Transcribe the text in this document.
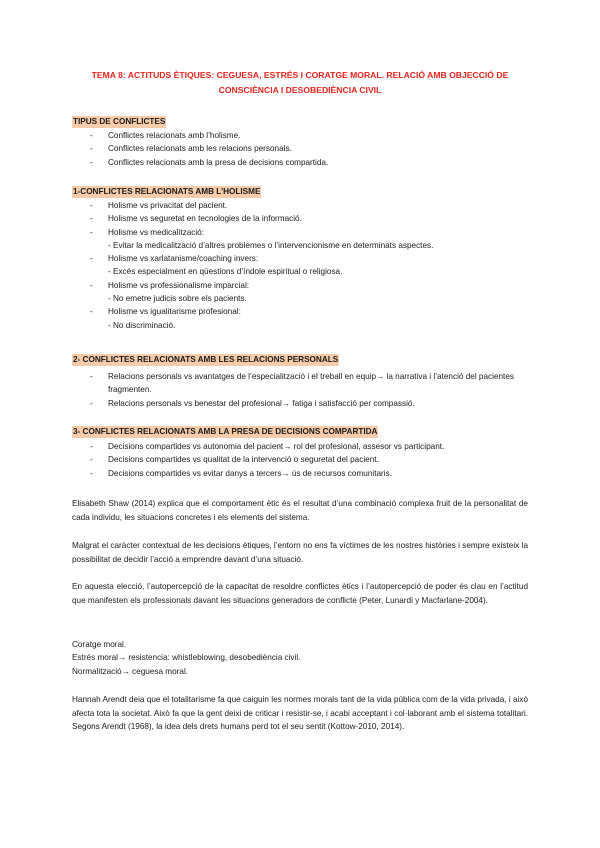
TEMA 8: ACTITUDS ÈTIQUES: CEGUESA, ESTRÉS I CORATGE MORAL. RELACIÓ AMB OBJECCIÓ DE
CONSCIÈNCIA I DESOBEDIÈNCIA CIVIL
TIPUS DE CONFLICTES
- Conflictes relacionats amb l’holisme.
- Conflictes relacionats amb les relacions personals.
- Conflictes relacionats amb la presa de decisions compartida.
1-CONFLICTES RELACIONATS AMB L’HOLISME
- Holisme vs privacitat del pacient.
- Holisme vs seguretat en tecnologies de la informació.
- Holisme vs medicalització:
- Evitar la medicalització d’altres problemes o l’intervencionisme en determinats aspectes.
- Holisme vs xarlatanisme/coaching invers:
- Excés especialment en qüestions d’índole espiritual o religiosa.
- Holisme vs professionalisme imparcial:
- No emetre judicis sobre els pacients.
- Holisme vs igualitarisme profesional:
- No discriminació.
2- CONFLICTES RELACIONATS AMB LES RELACIONS PERSONALS
- Relacions personals vs avantatges de l’especialització i el treball en equip→ la narrativa i l’atenció del pacientes fragmenten.
- Relacions personals vs benestar del profesional→ fatiga i satisfacció per compassió.
3- CONFLICTES RELACIONATS AMB LA PRESA DE DECISIONS COMPARTIDA
- Decisions compartides vs autonomia del pacient→ rol del profesional, assesor vs participant.
- Decisions compartides vs qualitat de la intervenció o seguretat del pacient.
- Decisions compartides vs evitar danys a tercers→ ús de recursos comunitaris.

Elisabeth Shaw (2014) explica que el comportament ètic és el resultat d’una combinació complexa fruit de la personalitat de cada individu, les situacions concretes i els elements del sistema.

Malgrat el caràcter contextual de les decisions ètiques, l’entorn no ens fa víctimes de les nostres històries i sempre existeix la possibilitat de decidir l’acció a emprendre davant d’una situació.

En aquesta elecció, l’autopercepció de la capacitat de resoldre conflictes ètics i l’autopercepció de poder és clau en l’actitud que manifesten els professionals davant les situacions generadors de conflicte (Peter, Lunardi y Macfarlane-2004).

Coratge moral.
Estrés moral→ resistencia: whistleblowing, desobediència civil.
Normalització→ ceguesa moral.

Hannah Arendt deia que el totalitarisme fa que caiguin les normes morals tant de la vida pública com de la vida privada, i això afecta tota la societat. Això fa que la gent deixi de criticar i resistir-se, i acabi acceptant i col·laborant amb el sistema totalitari. Segons Arendt (1968), la idea dels drets humans perd tot el seu sentit (Kottow-2010, 2014).
